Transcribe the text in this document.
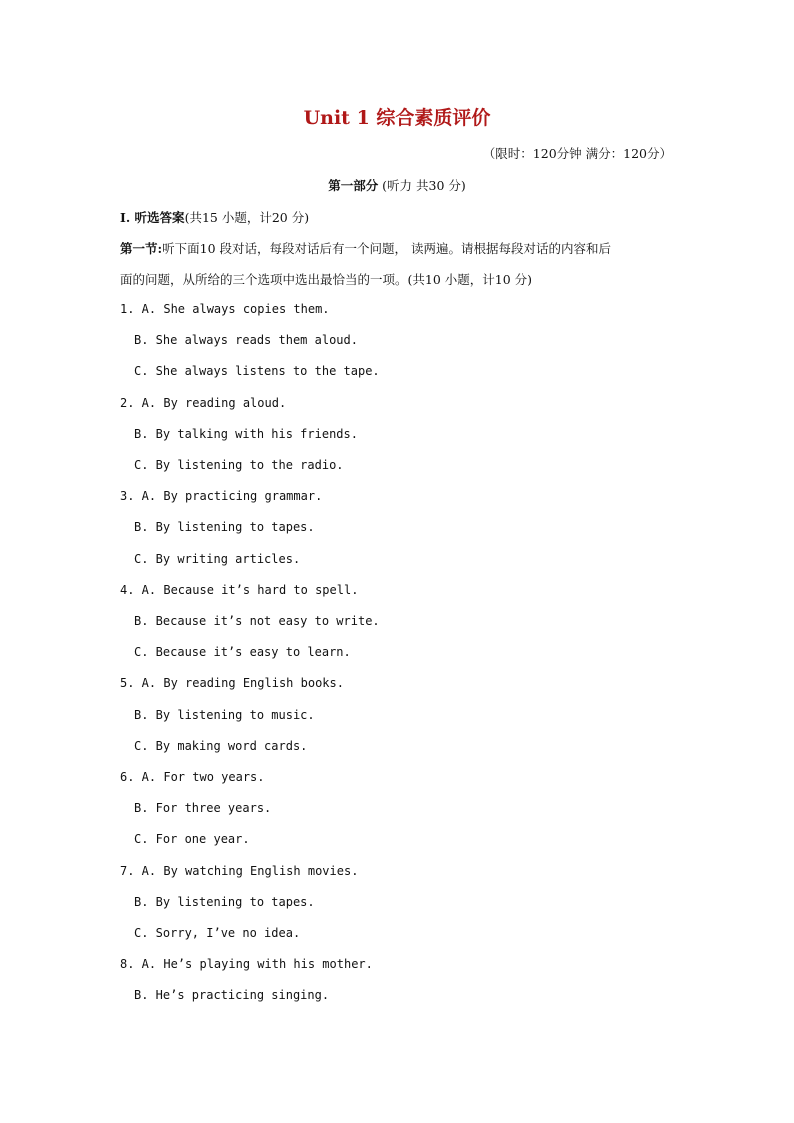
Unit 1 综合素质评价
（限时：120分钟 满分：120分）
第一部分 (听力 共30 分)
I. 听选答案(共15 小题，计20 分)
第一节:听下面10 段对话，每段对话后有一个问题， 读两遍。请根据每段对话的内容和后
面的问题，从所给的三个选项中选出最恰当的一项。(共10 小题，计10 分)
1. A. She always copies them.
B. She always reads them aloud.
C. She always listens to the tape.
2. A. By reading aloud.
B. By talking with his friends.
C. By listening to the radio.
3. A. By practicing grammar.
B. By listening to tapes.
C. By writing articles.
4. A. Because it’s hard to spell.
B. Because it’s not easy to write.
C. Because it’s easy to learn.
5. A. By reading English books.
B. By listening to music.
C. By making word cards.
6. A. For two years.
B. For three years.
C. For one year.
7. A. By watching English movies.
B. By listening to tapes.
C. Sorry, I’ve no idea.
8. A. He’s playing with his mother.
B. He’s practicing singing.
